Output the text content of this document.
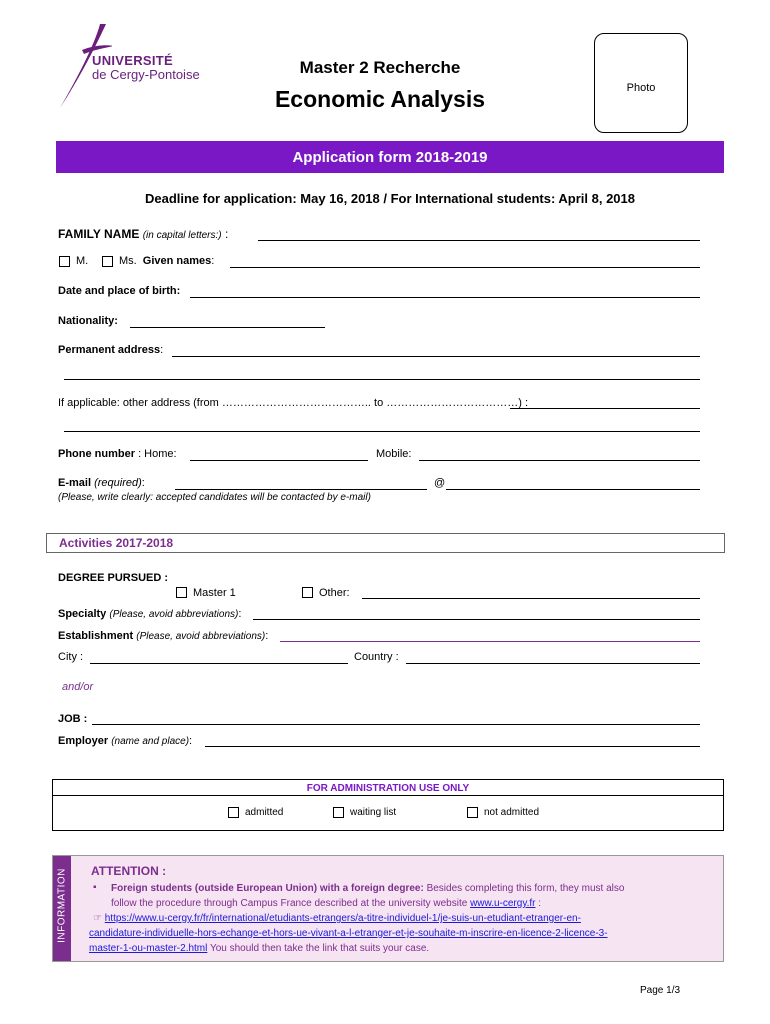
UNIVERSITÉ
de Cergy-Pontoise	Master 2 Recherche
Economic Analysis	Photo
Application form 2018-2019
Deadline for application: May 16, 2018 / For International students: April 8, 2018
FAMILY NAME (in capital letters:) :
M.	Ms. Given names:
Date and place of birth:
Nationality:
Permanent address:
If applicable: other address (from ………………………………….. to ………………………………) :
Phone number : Home:	Mobile:
E-mail (required):	@
(Please, write clearly: accepted candidates will be contacted by e-mail)
Activities 2017-2018
DEGREE PURSUED :
Master 1	Other:
Specialty (Please, avoid abbreviations):
Establishment (Please, avoid abbreviations):
City :	Country :
and/or
JOB :
Employer (name and place):
FOR ADMINISTRATION USE ONLY
admitted	waiting list	not admitted
INFORMATION ATTENTION :
▪ Foreign students (outside European Union) with a foreign degree: Besides completing this form, they must also
follow the procedure through Campus France described at the university website www.u-cergy.fr :
☞ https://www.u-cergy.fr/fr/international/etudiants-etrangers/a-titre-individuel-1/je-suis-un-etudiant-etranger-en-
candidature-individuelle-hors-echange-et-hors-ue-vivant-a-l-etranger-et-je-souhaite-m-inscrire-en-licence-2-licence-3-
master-1-ou-master-2.html You should then take the link that suits your case.
Page 1/3
